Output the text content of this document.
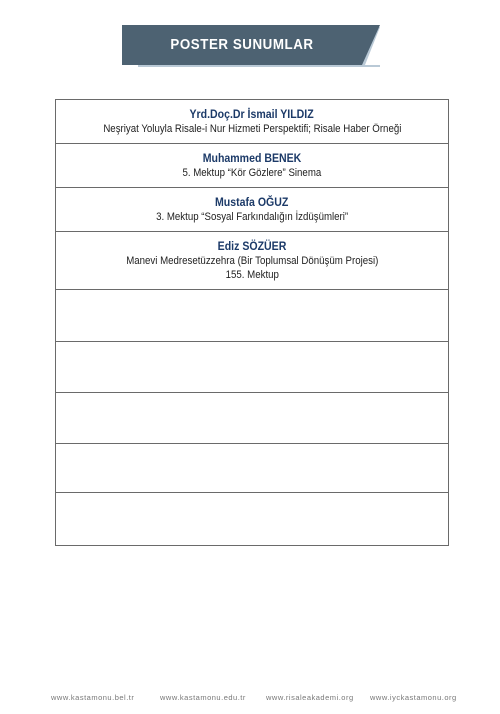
POSTER SUNUMLAR
Yrd.Doç.Dr İsmail YILDIZ
Neşriyat Yoluyla Risale-i Nur Hizmeti Perspektifi; Risale Haber Örneği
Muhammed BENEK
5. Mektup “Kör Gözlere” Sinema
Mustafa OĞUZ
3. Mektup “Sosyal Farkındalığın İzdüşümleri”
Ediz SÖZÜER
Manevi Medresetüzzehra (Bir Toplumsal Dönüşüm Projesi)
155. Mektup
www.kastamonu.bel.tr	www.kastamonu.edu.tr	www.risaleakademi.org www.iyckastamonu.org
